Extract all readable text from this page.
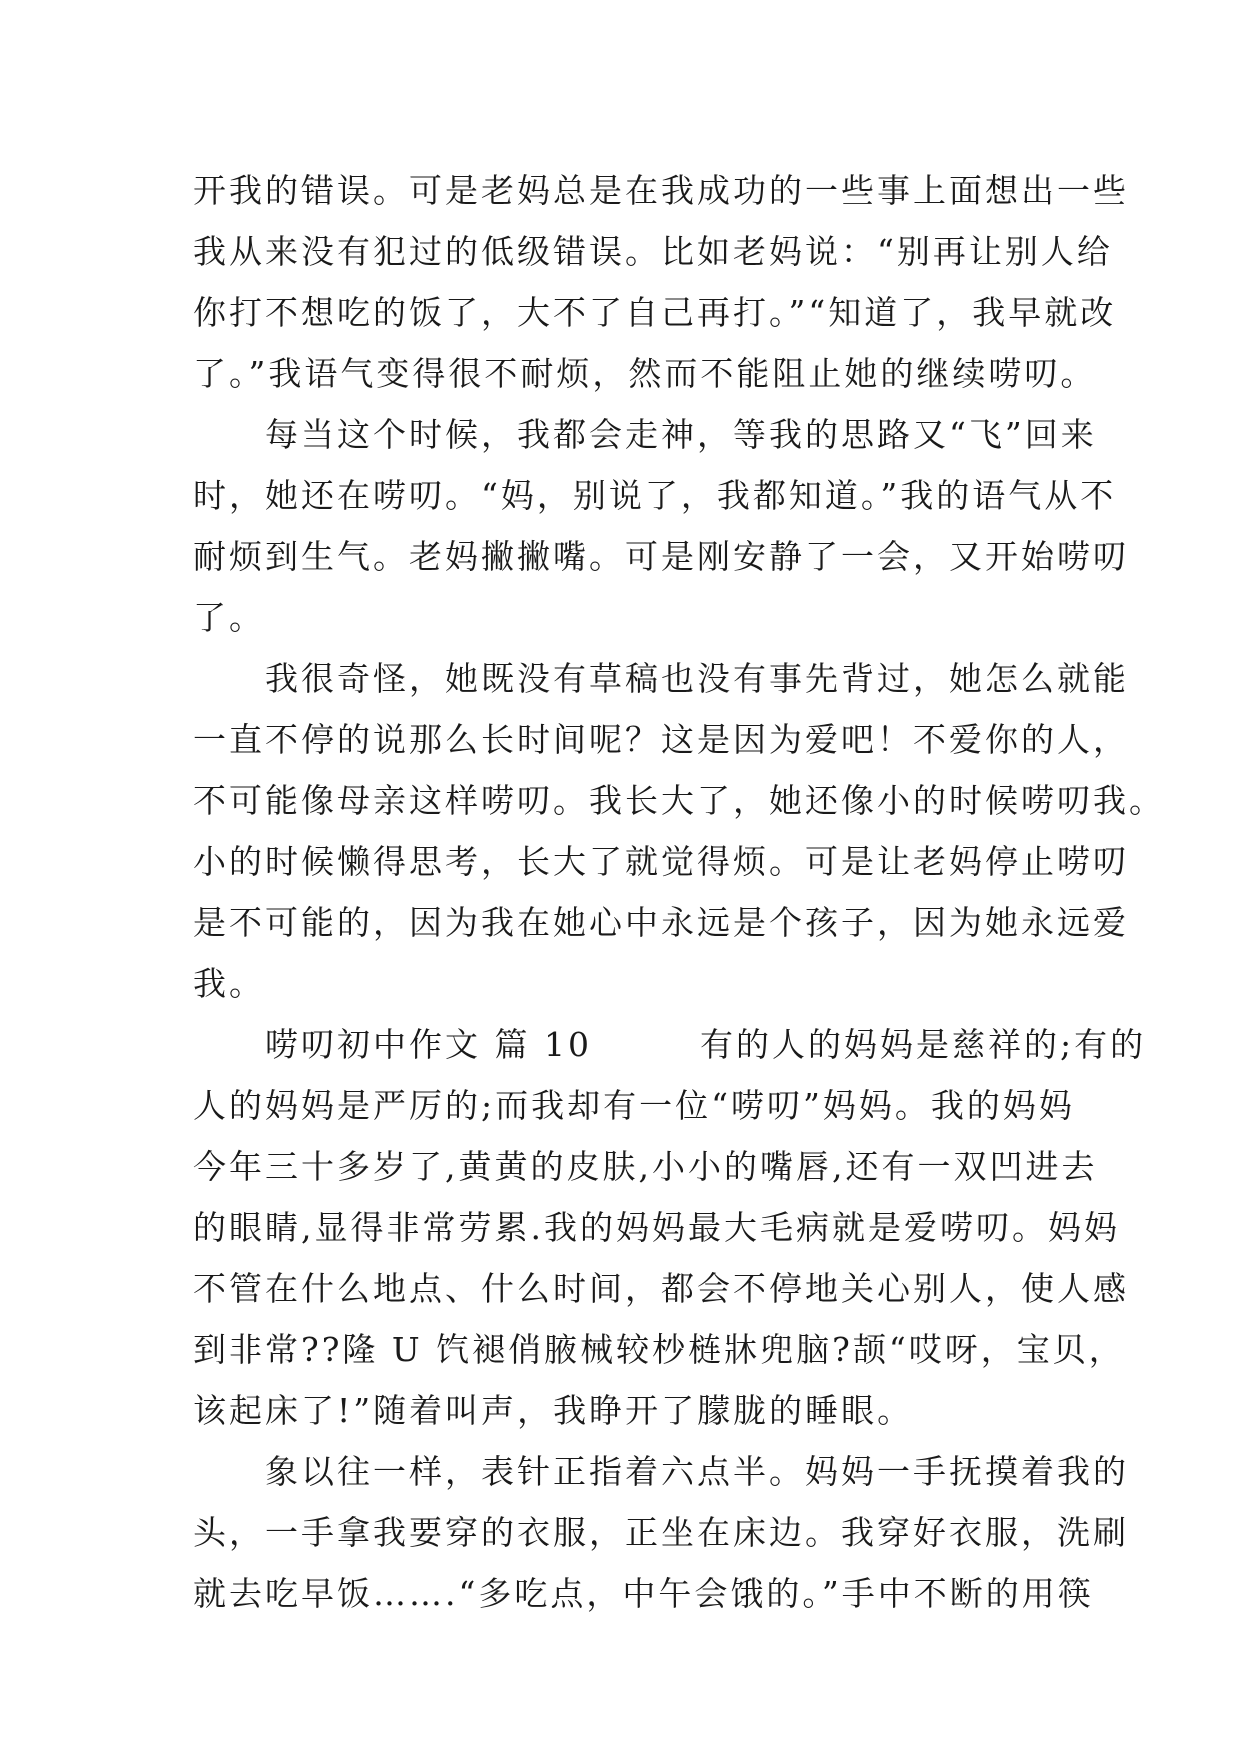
开我的错误。可是老妈总是在我成功的一些事上面想出一些
我从来没有犯过的低级错误。比如老妈说：“别再让别人给
你打不想吃的饭了，大不了自己再打。”“知道了，我早就改
了。”我语气变得很不耐烦，然而不能阻止她的继续唠叨。
　　每当这个时候，我都会走神，等我的思路又“飞”回来
时，她还在唠叨。“妈，别说了，我都知道。”我的语气从不
耐烦到生气。老妈撇撇嘴。可是刚安静了一会，又开始唠叨
了。
　　我很奇怪，她既没有草稿也没有事先背过，她怎么就能
一直不停的说那么长时间呢？这是因为爱吧！不爱你的人，
不可能像母亲这样唠叨。我长大了，她还像小的时候唠叨我。
小的时候懒得思考，长大了就觉得烦。可是让老妈停止唠叨
是不可能的，因为我在她心中永远是个孩子，因为她永远爱
我。
　　唠叨初中作文 篇 10　　　有的人的妈妈是慈祥的;有的
人的妈妈是严厉的;而我却有一位“唠叨”妈妈。我的妈妈
今年三十多岁了,黄黄的皮肤,小小的嘴唇,还有一双凹进去
的眼睛,显得非常劳累.我的妈妈最大毛病就是爱唠叨。妈妈
不管在什么地点、什么时间，都会不停地关心别人，使人感
到非常??隆 U 饩褪俏腋械较杪梿牀兜脑?颉“哎呀，宝贝，
该起床了!”随着叫声，我睁开了朦胧的睡眼。
　　象以往一样，表针正指着六点半。妈妈一手抚摸着我的
头，一手拿我要穿的衣服，正坐在床边。我穿好衣服，洗刷
就去吃早饭…….“多吃点，中午会饿的。”手中不断的用筷
